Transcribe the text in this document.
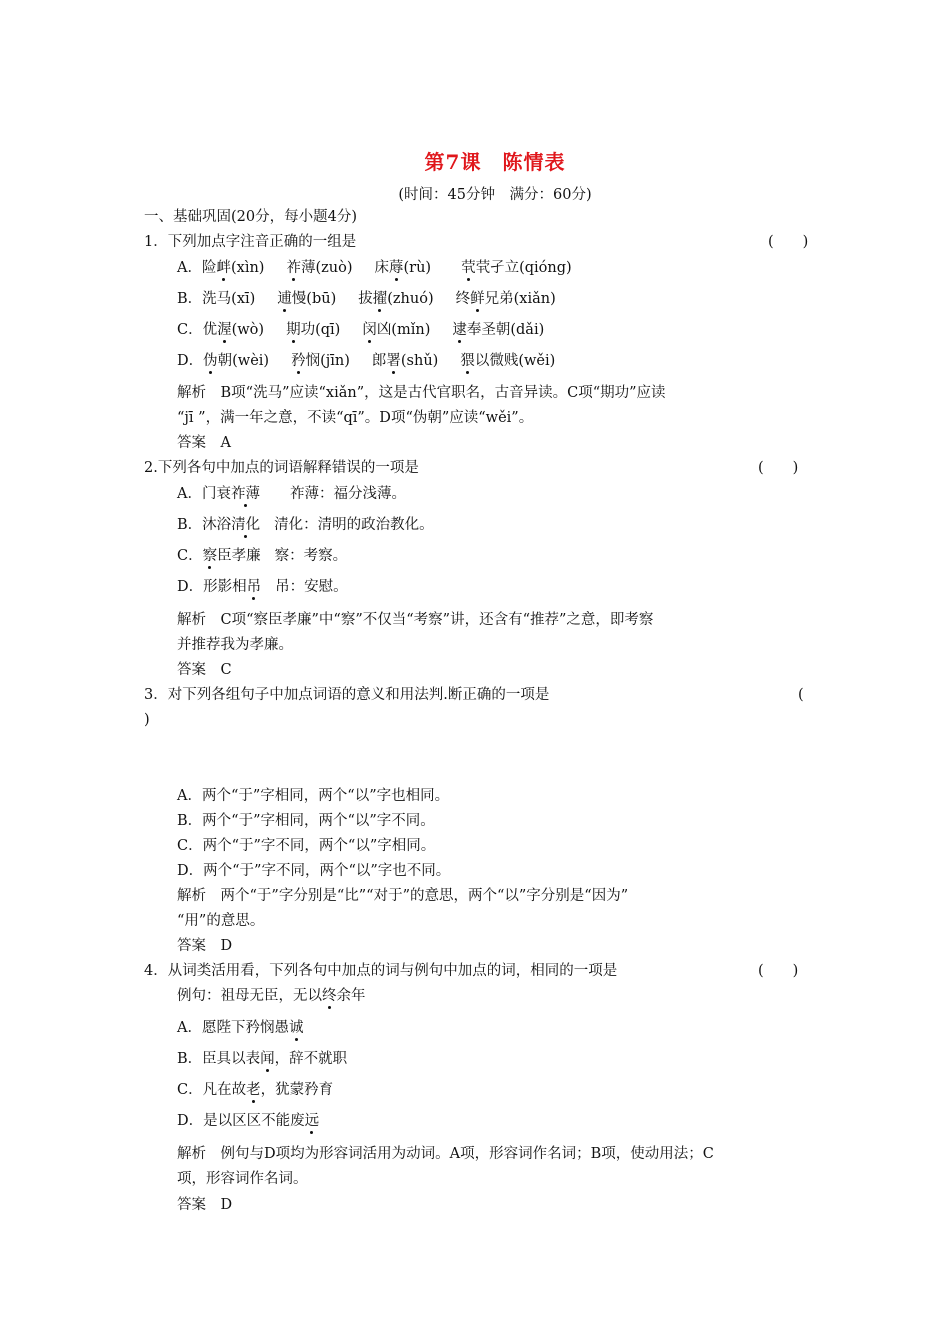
第7课　陈情表
(时间：45分钟　满分：60分)
一、基础巩固(20分，每小题4分)
1．下列加点字注音正确的一组是	(　　)
A．险衅(xìn) 祚薄(zuò) 床蓐(rù) 茕茕孑立(qióng)
B．洗马(xī) 逋慢(bū) 拔擢(zhuó) 终鲜兄弟(xiǎn)
C．优渥(wò) 期功(qī) 闵凶(mǐn) 逮奉圣朝(dǎi)
D．伪朝(wèi) 矜悯(jīn) 郎署(shǔ) 猥以微贱(wěi)
解析　B项“洗马”应读“xiǎn”，这是古代官职名，古音异读。C项“期功”应读
“jī ”，满一年之意，不读“qī”。D项“伪朝”应读“wěi”。
答案　A
2.下列各句中加点的词语解释错误的一项是	(　　)
A．门衰祚薄 祚薄：福分浅薄。
B．沐浴清化 清化：清明的政治教化。
C．察臣孝廉 察：考察。
D．形影相吊 吊：安慰。
解析　C项“察臣孝廉”中“察”不仅当“考察”讲，还含有“推荐”之意，即考察
并推荐我为孝廉。
答案　C
3．对下列各组句子中加点词语的意义和用法判.断正确的一项是	(
)
A．两个“于”字相同，两个“以”字也相同。
B．两个“于”字相同，两个“以”字不同。
C．两个“于”字不同，两个“以”字相同。
D．两个“于”字不同，两个“以”字也不同。
解析　两个“于”字分别是“比”“对于”的意思，两个“以”字分别是“因为”
“用”的意思。
答案　D
4．从词类活用看，下列各句中加点的词与例句中加点的词，相同的一项是	(　　)
例句：祖母无臣，无以终余年
A．愿陛下矜悯愚诚
B．臣具以表闻，辞不就职
C．凡在故老，犹蒙矜育
D．是以区区不能废远
解析　例句与D项均为形容词活用为动词。A项，形容词作名词；B项，使动用法；C
项，形容词作名词。
答案　D
